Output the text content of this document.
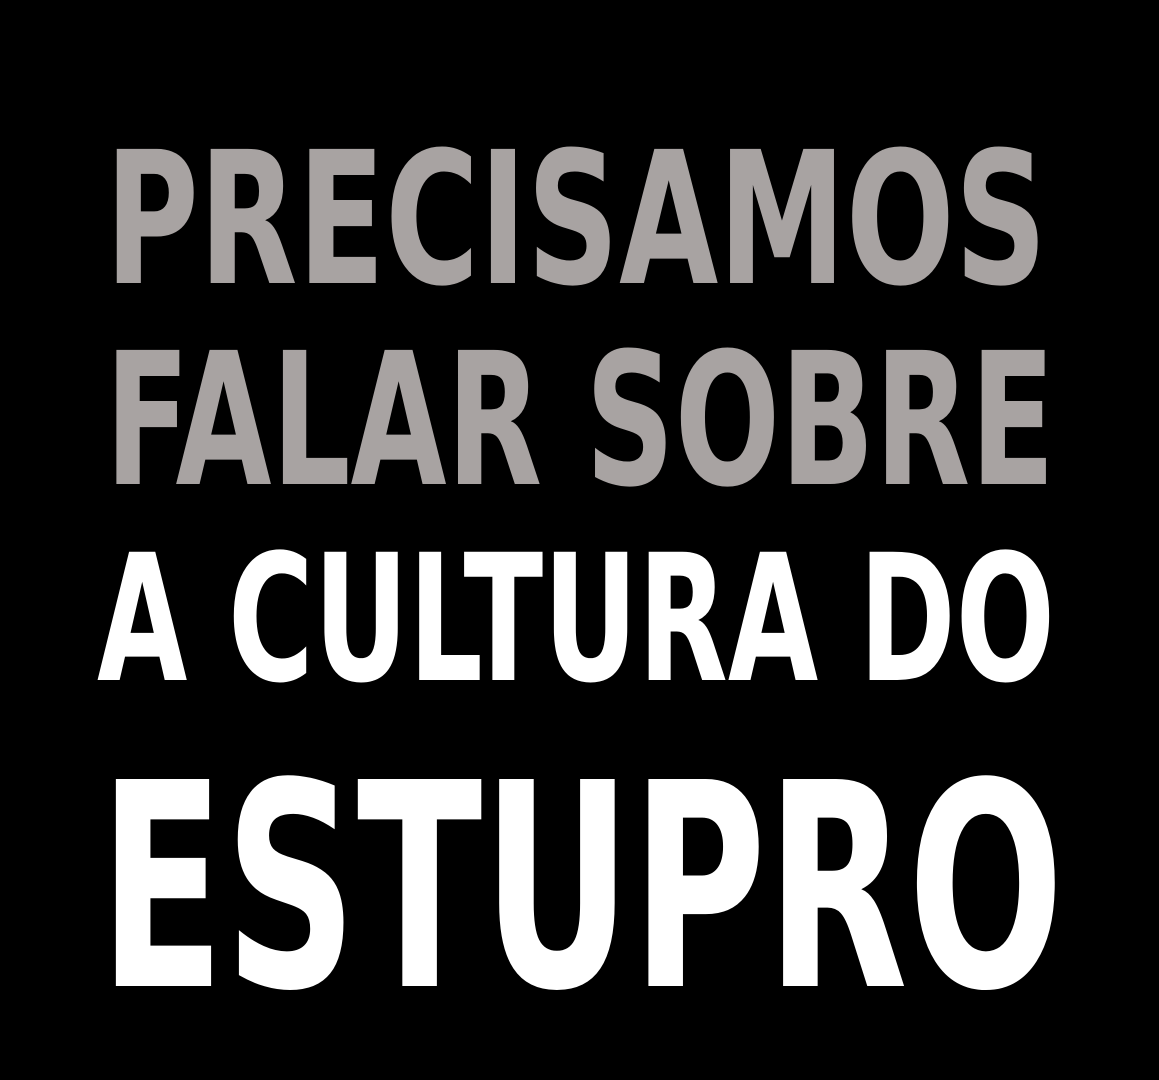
PRECISAMOS
FALAR SOBRE
A CULTURA DO
ESTUPRO
